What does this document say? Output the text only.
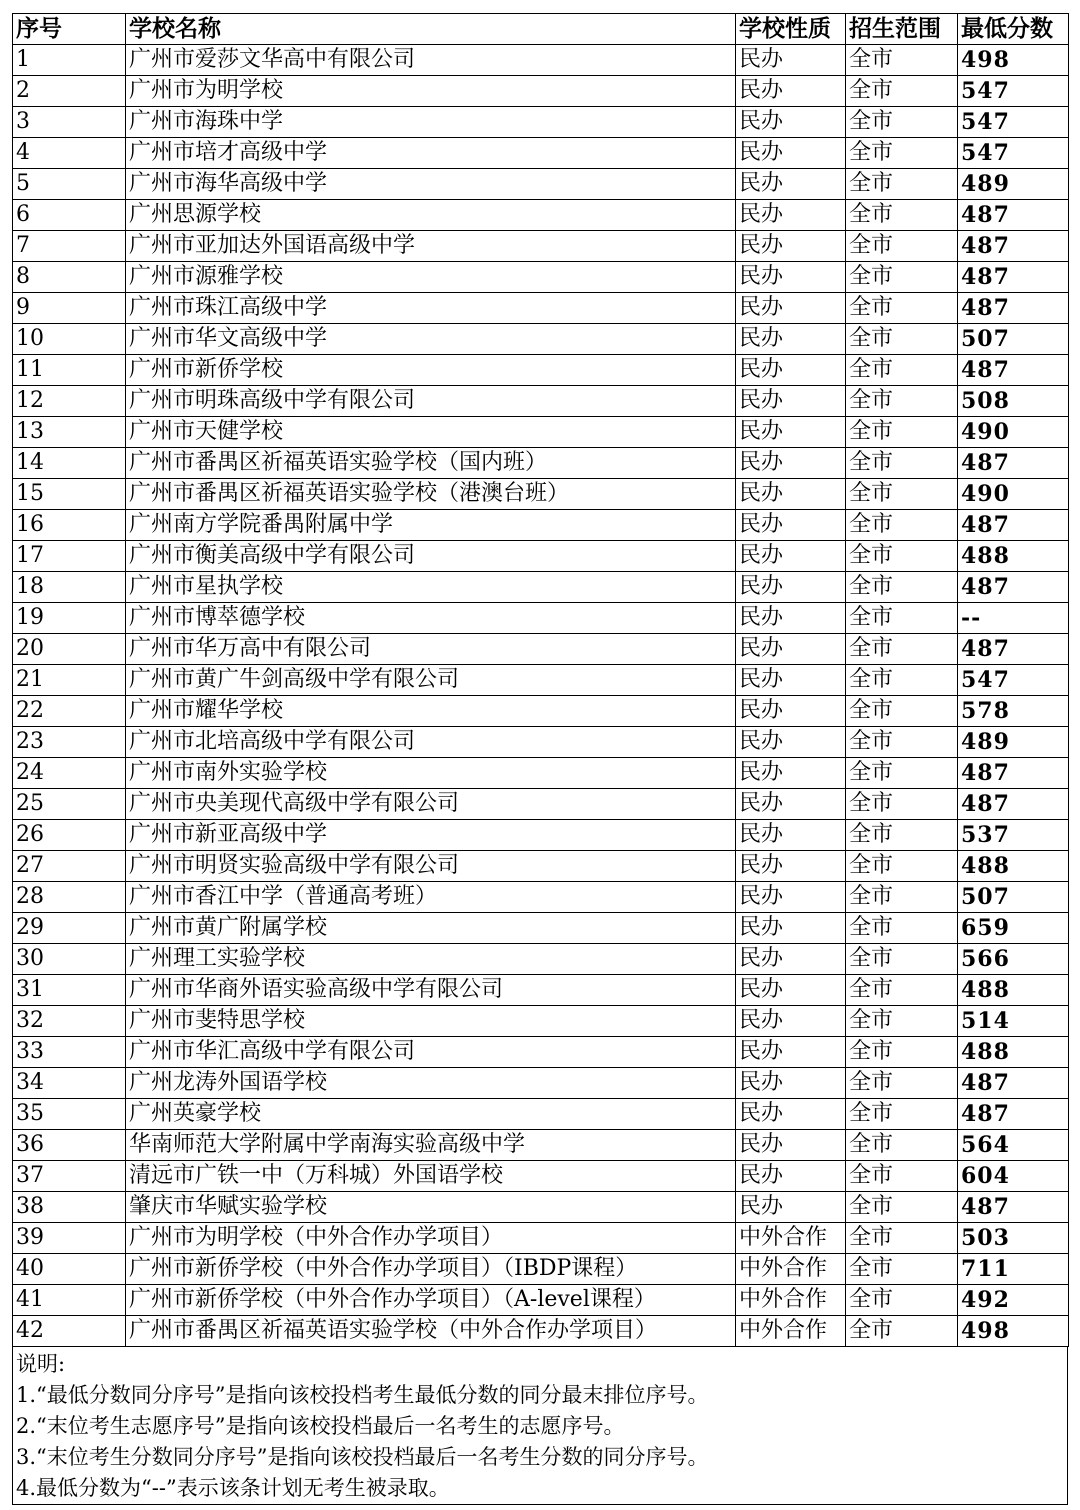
序号	学校名称	学校性质	招生范围	最低分数
1	广州市爱莎文华高中有限公司	民办	全市	498
2	广州市为明学校	民办	全市	547
3	广州市海珠中学	民办	全市	547
4	广州市培才高级中学	民办	全市	547
5	广州市海华高级中学	民办	全市	489
6	广州思源学校	民办	全市	487
7	广州市亚加达外国语高级中学	民办	全市	487
8	广州市源雅学校	民办	全市	487
9	广州市珠江高级中学	民办	全市	487
10	广州市华文高级中学	民办	全市	507
11	广州市新侨学校	民办	全市	487
12	广州市明珠高级中学有限公司	民办	全市	508
13	广州市天健学校	民办	全市	490
14	广州市番禺区祈福英语实验学校（国内班）	民办	全市	487
15	广州市番禺区祈福英语实验学校（港澳台班）	民办	全市	490
16	广州南方学院番禺附属中学	民办	全市	487
17	广州市衡美高级中学有限公司	民办	全市	488
18	广州市星执学校	民办	全市	487
19	广州市博萃德学校	民办	全市	--
20	广州市华万高中有限公司	民办	全市	487
21	广州市黄广牛剑高级中学有限公司	民办	全市	547
22	广州市耀华学校	民办	全市	578
23	广州市北培高级中学有限公司	民办	全市	489
24	广州市南外实验学校	民办	全市	487
25	广州市央美现代高级中学有限公司	民办	全市	487
26	广州市新亚高级中学	民办	全市	537
27	广州市明贤实验高级中学有限公司	民办	全市	488
28	广州市香江中学（普通高考班）	民办	全市	507
29	广州市黄广附属学校	民办	全市	659
30	广州理工实验学校	民办	全市	566
31	广州市华商外语实验高级中学有限公司	民办	全市	488
32	广州市斐特思学校	民办	全市	514
33	广州市华汇高级中学有限公司	民办	全市	488
34	广州龙涛外国语学校	民办	全市	487
35	广州英豪学校	民办	全市	487
36	华南师范大学附属中学南海实验高级中学	民办	全市	564
37	清远市广铁一中（万科城）外国语学校	民办	全市	604
38	肇庆市华赋实验学校	民办	全市	487
39	广州市为明学校（中外合作办学项目）	中外合作	全市	503
40	广州市新侨学校（中外合作办学项目）（IBDP课程）	中外合作	全市	711
41	广州市新侨学校（中外合作办学项目）（A-level课程）	中外合作	全市	492
42	广州市番禺区祈福英语实验学校（中外合作办学项目）	中外合作	全市	498
说明:
1.“最低分数同分序号”是指向该校投档考生最低分数的同分最末排位序号。
2.“末位考生志愿序号”是指向该校投档最后一名考生的志愿序号。
3.“末位考生分数同分序号”是指向该校投档最后一名考生分数的同分序号。
4.最低分数为“--”表示该条计划无考生被录取。
